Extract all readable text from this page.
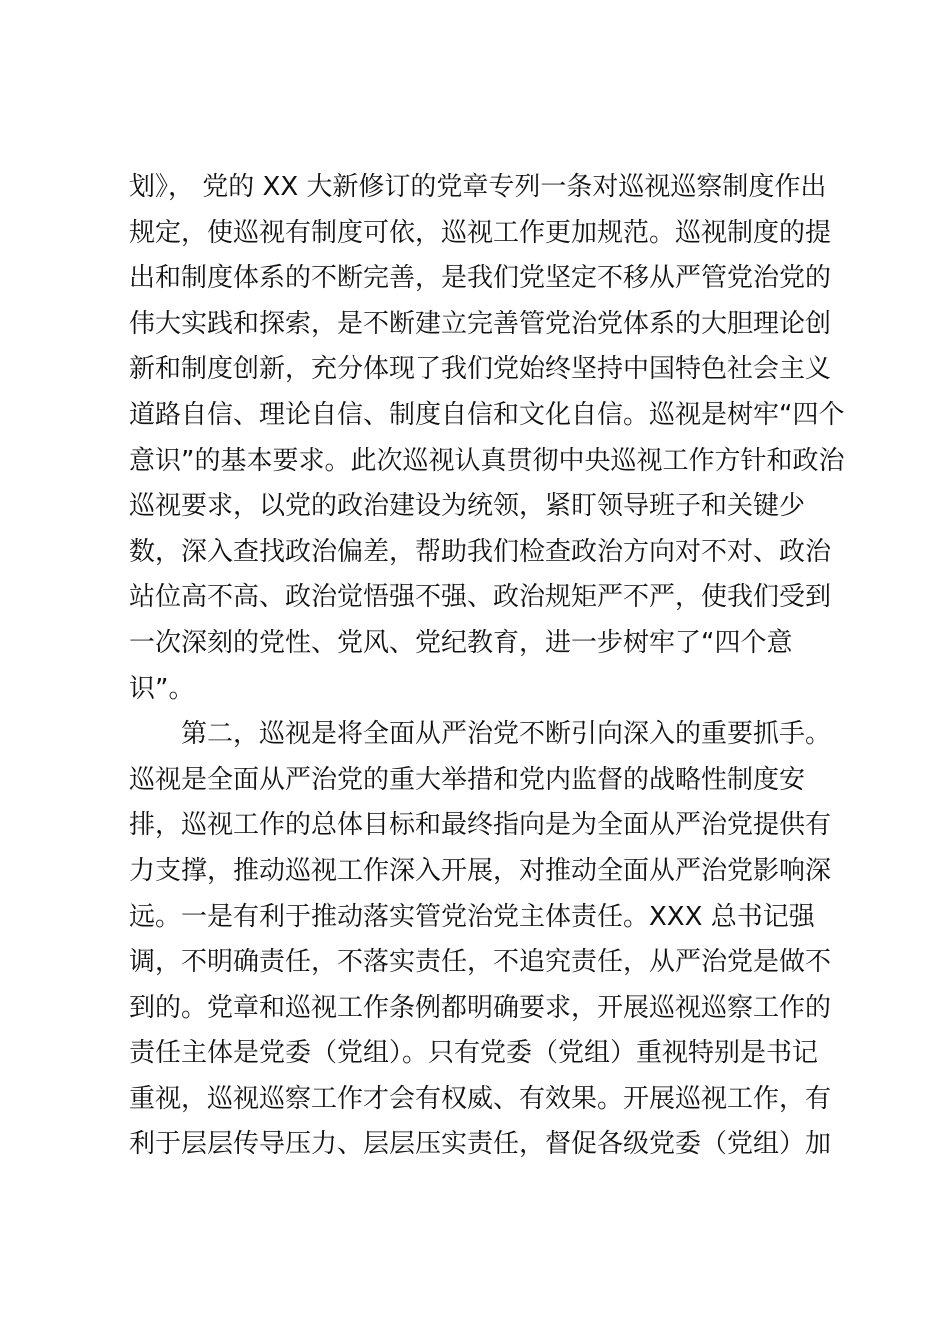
划》， 党的 XX 大新修订的党章专列一条对巡视巡察制度作出
规定，使巡视有制度可依，巡视工作更加规范。巡视制度的提
出和制度体系的不断完善，是我们党坚定不移从严管党治党的
伟大实践和探索，是不断建立完善管党治党体系的大胆理论创
新和制度创新，充分体现了我们党始终坚持中国特色社会主义
道路自信、理论自信、制度自信和文化自信。巡视是树牢“四个
意识”的基本要求。此次巡视认真贯彻中央巡视工作方针和政治
巡视要求，以党的政治建设为统领，紧盯领导班子和关键少
数，深入查找政治偏差，帮助我们检查政治方向对不对、政治
站位高不高、政治觉悟强不强、政治规矩严不严，使我们受到
一次深刻的党性、党风、党纪教育，进一步树牢了“四个意
识”。
第二，巡视是将全面从严治党不断引向深入的重要抓手。
巡视是全面从严治党的重大举措和党内监督的战略性制度安
排，巡视工作的总体目标和最终指向是为全面从严治党提供有
力支撑，推动巡视工作深入开展，对推动全面从严治党影响深
远。一是有利于推动落实管党治党主体责任。XXX 总书记强
调，不明确责任，不落实责任，不追究责任，从严治党是做不
到的。党章和巡视工作条例都明确要求，开展巡视巡察工作的
责任主体是党委（党组）。只有党委（党组）重视特别是书记
重视，巡视巡察工作才会有权威、有效果。开展巡视工作，有
利于层层传导压力、层层压实责任，督促各级党委（党组）加
